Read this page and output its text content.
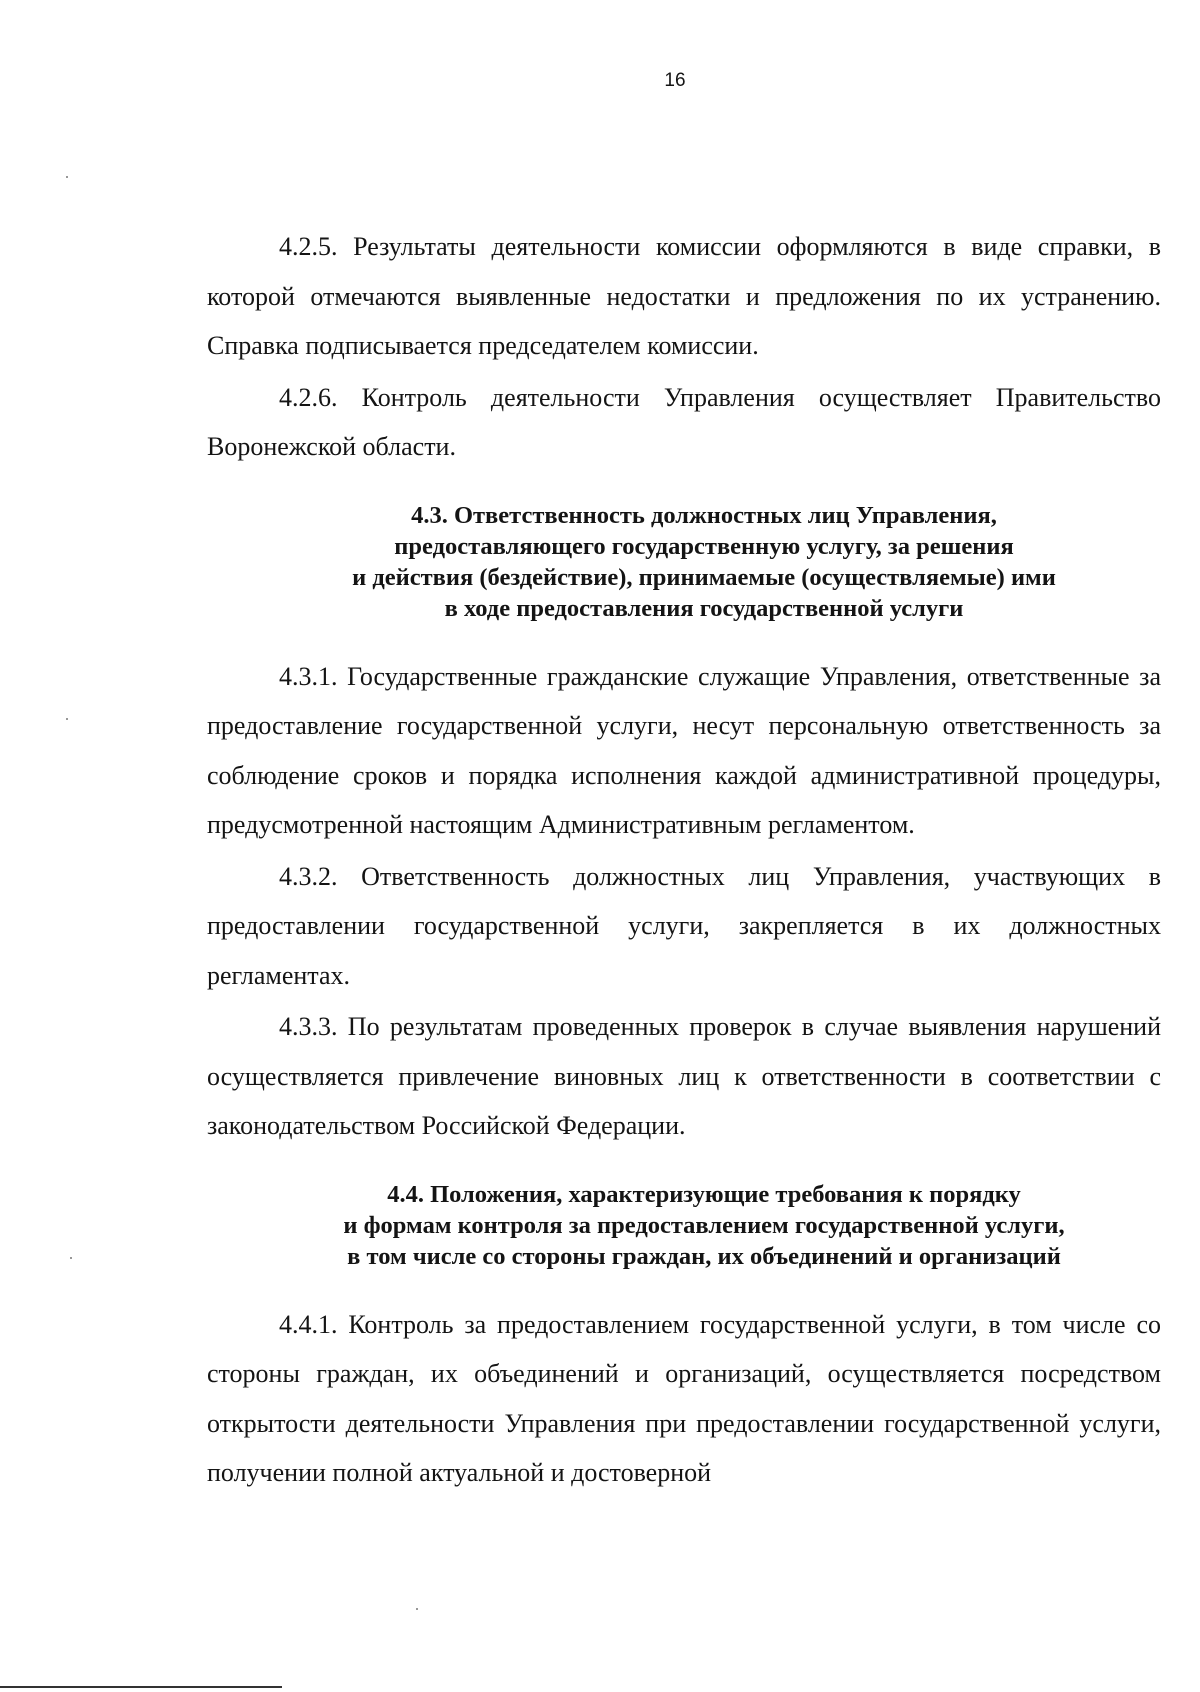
16

4.2.5. Результаты деятельности комиссии оформляются в виде справки, в которой отмечаются выявленные недостатки и предложения по их устранению. Справка подписывается председателем комиссии.

4.2.6. Контроль деятельности Управления осуществляет Правительство Воронежской области.

4.3. Ответственность должностных лиц Управления,
предоставляющего государственную услугу, за решения
и действия (бездействие), принимаемые (осуществляемые) ими
в ходе предоставления государственной услуги

4.3.1. Государственные гражданские служащие Управления, ответственные за предоставление государственной услуги, несут персональную ответственность за соблюдение сроков и порядка исполнения каждой административной процедуры, предусмотренной настоящим Административным регламентом.

4.3.2. Ответственность должностных лиц Управления, участвующих в предоставлении государственной услуги, закрепляется в их должностных регламентах.

4.3.3. По результатам проведенных проверок в случае выявления нарушений осуществляется привлечение виновных лиц к ответственности в соответствии с законодательством Российской Федерации.

4.4. Положения, характеризующие требования к порядку
и формам контроля за предоставлением государственной услуги,
в том числе со стороны граждан, их объединений и организаций

4.4.1. Контроль за предоставлением государственной услуги, в том числе со стороны граждан, их объединений и организаций, осуществляется посредством открытости деятельности Управления при предоставлении государственной услуги, получении полной актуальной и достоверной
